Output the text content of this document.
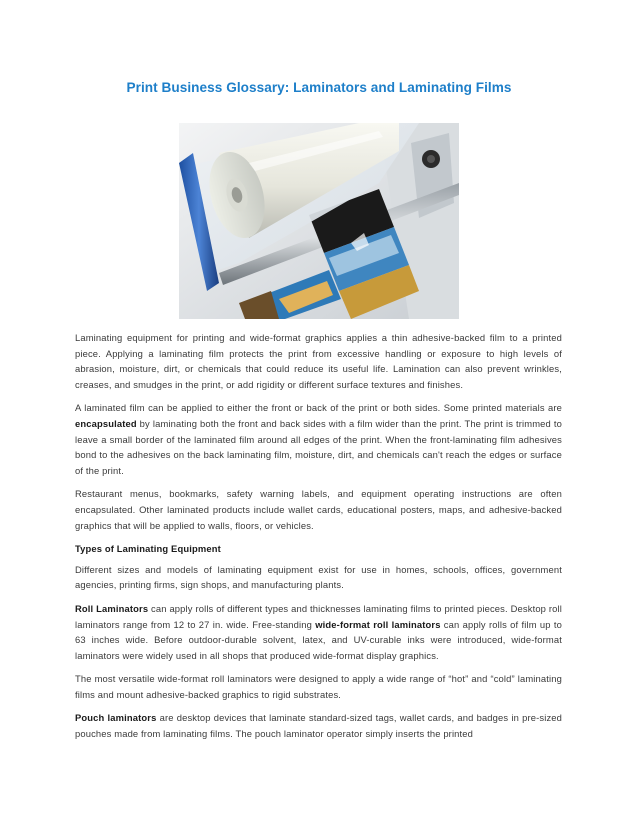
Print Business Glossary: Laminators and Laminating Films

Laminating equipment for printing and wide-format graphics applies a thin adhesive-backed film to a printed piece. Applying a laminating film protects the print from excessive handling or exposure to high levels of abrasion, moisture, dirt, or chemicals that could reduce its useful life. Lamination can also prevent wrinkles, creases, and smudges in the print, or add rigidity or different surface textures and finishes.

A laminated film can be applied to either the front or back of the print or both sides. Some printed materials are encapsulated by laminating both the front and back sides with a film wider than the print. The print is trimmed to leave a small border of the laminated film around all edges of the print. When the front-laminating film adhesives bond to the adhesives on the back laminating film, moisture, dirt, and chemicals can't reach the edges or surface of the print.

Restaurant menus, bookmarks, safety warning labels, and equipment operating instructions are often encapsulated. Other laminated products include wallet cards, educational posters, maps, and adhesive-backed graphics that will be applied to walls, floors, or vehicles.

Types of Laminating Equipment

Different sizes and models of laminating equipment exist for use in homes, schools, offices, government agencies, printing firms, sign shops, and manufacturing plants.

Roll Laminators can apply rolls of different types and thicknesses laminating films to printed pieces. Desktop roll laminators range from 12 to 27 in. wide. Free-standing wide-format roll laminators can apply rolls of film up to 63 inches wide. Before outdoor-durable solvent, latex, and UV-curable inks were introduced, wide-format laminators were widely used in all shops that produced wide-format display graphics.

The most versatile wide-format roll laminators were designed to apply a wide range of “hot” and “cold” laminating films and mount adhesive-backed graphics to rigid substrates.

Pouch laminators are desktop devices that laminate standard-sized tags, wallet cards, and badges in pre-sized pouches made from laminating films. The pouch laminator operator simply inserts the printed
